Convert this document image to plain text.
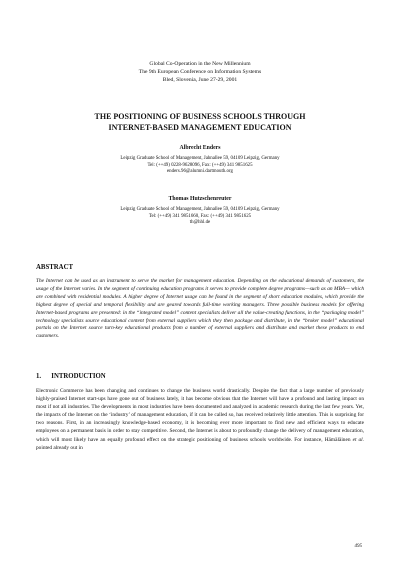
Global Co-Operation in the New Millennium
The 9th European Conference on Information Systems
Bled, Slovenia, June 27-29, 2001
THE POSITIONING OF BUSINESS SCHOOLS THROUGH
INTERNET-BASED MANAGEMENT EDUCATION
Albrecht Enders
Leipzig Graduate School of Management, Jahnallee 59, 04109 Leipzig, Germany
Tel: (++49) 0228-9628096, Fax: (++49) 341 9851625
enders.96@alumni.dartmouth.org
Thomas Hutzschenreuter
Leipzig Graduate School of Management, Jahnallee 59, 04109 Leipzig, Germany
Tel: (++49) 341 9851660, Fax: (++49) 341 9851625
th@hhl.de
ABSTRACT
The Internet can be used as an instrument to serve the market for management education. Depending on the educational demands of customers, the usage of the Internet varies. In the segment of continuing education programs it serves to provide complete degree programs—such as an MBA— which are combined with residential modules. A higher degree of Internet usage can be found in the segment of short education modules, which provide the highest degree of special and temporal flexibility and are geared towards full-time working managers. Three possible business models for offering Internet-based programs are presented: in the “integrated model” content specialists deliver all the value-creating functions, in the “packaging model” technology specialists source educational content from external suppliers which they then package and distribute, in the “broker model” educational portals on the Internet source turn-key educational products from a number of external suppliers and distribute and market these products to end customers.
1.      INTRODUCTION
Electronic Commerce has been changing and continues to change the business world drastically. Despite the fact that a large number of previously highly-praised Internet start-ups have gone out of business lately, it has become obvious that the Internet will have a profound and lasting impact on most if not all industries. The developments in most industries have been documented and analyzed in academic research during the last few years. Yet, the impacts of the Internet on the ‘industry’ of management education, if it can be called so, has received relatively little attention. This is surprising for two reasons. First, in an increasingly knowledge-based economy, it is becoming ever more important to find new and efficient ways to educate employees on a permanent basis in order to stay competitive. Second, the Internet is about to profoundly change the delivery of management education, which will most likely have an equally profound effect on the strategic positioning of business schools worldwide. For instance, Hämäläinen et al. pointed already out in
495
